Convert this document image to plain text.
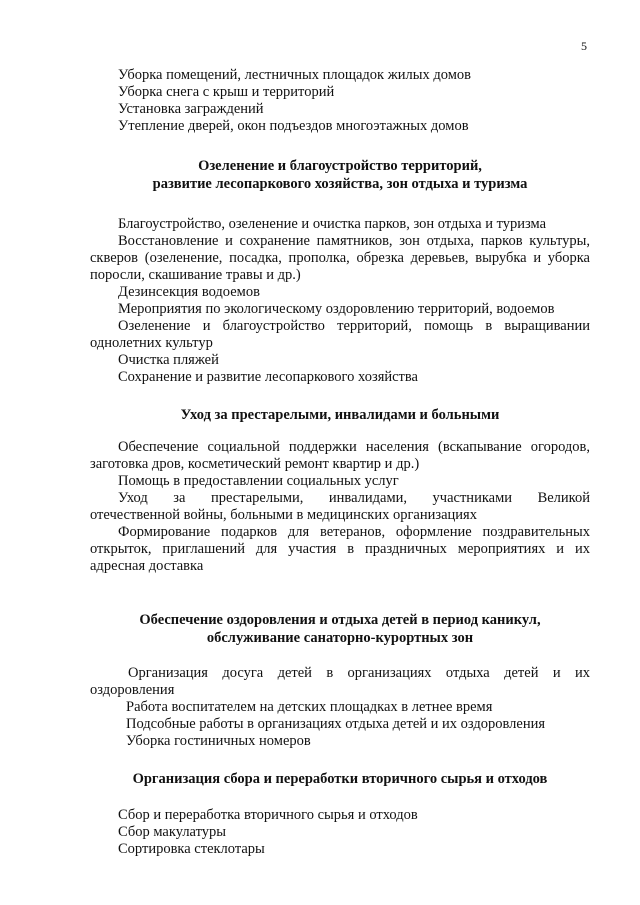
5
Уборка помещений, лестничных площадок жилых домов
Уборка снега с крыш и территорий
Установка заграждений
Утепление дверей, окон подъездов многоэтажных домов
Озеленение и благоустройство территорий,
развитие лесопаркового хозяйства, зон отдыха и туризма
Благоустройство, озеленение и очистка парков, зон отдыха и туризма
Восстановление и сохранение памятников, зон отдыха, парков культуры, скверов (озеленение, посадка, прополка, обрезка деревьев, вырубка и уборка поросли, скашивание травы и др.)
Дезинсекция водоемов
Мероприятия по экологическому оздоровлению территорий, водоемов
Озеленение и благоустройство территорий, помощь в выращивании однолетних культур
Очистка пляжей
Сохранение и развитие лесопаркового хозяйства
Уход за престарелыми, инвалидами и больными
Обеспечение социальной поддержки населения (вскапывание огородов, заготовка дров, косметический ремонт квартир и др.)
Помощь в предоставлении социальных услуг
Уход за престарелыми, инвалидами, участниками Великой
отечественной войны, больными в медицинских организациях
Формирование подарков для ветеранов, оформление поздравительных открыток, приглашений для участия в праздничных мероприятиях и их адресная доставка
Обеспечение оздоровления и отдыха детей в период каникул,
обслуживание санаторно-курортных зон
Организация досуга детей в организациях отдыха детей и их оздоровления
Работа воспитателем на детских площадках в летнее время
Подсобные работы в организациях отдыха детей и их оздоровления
Уборка гостиничных номеров
Организация сбора и переработки вторичного сырья и отходов
Сбор и переработка вторичного сырья и отходов
Сбор макулатуры
Сортировка стеклотары
